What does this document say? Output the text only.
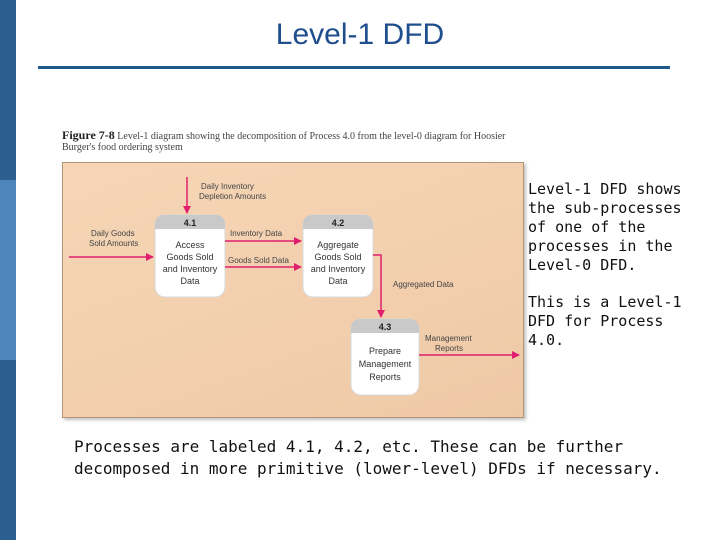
Level-1 DFD
Figure 7-8 Level-1 diagram showing the decomposition of Process 4.0 from the level-0 diagram for Hoosier Burger's food ordering system
4.1
Access
Goods Sold
and Inventory
Data
4.2
Aggregate
Goods Sold
and Inventory
Data
4.3
Prepare
Management
Reports
Daily Inventory
Depletion Amounts
Daily Goods
Sold Amounts
Inventory Data
Goods Sold Data
Aggregated Data
Management
Reports

Level-1 DFD shows the sub-processes of one of the processes in the Level-0 DFD.

This is a Level-1 DFD for Process 4.0.

Processes are labeled 4.1, 4.2, etc. These can be further decomposed in more primitive (lower-level) DFDs if necessary.
